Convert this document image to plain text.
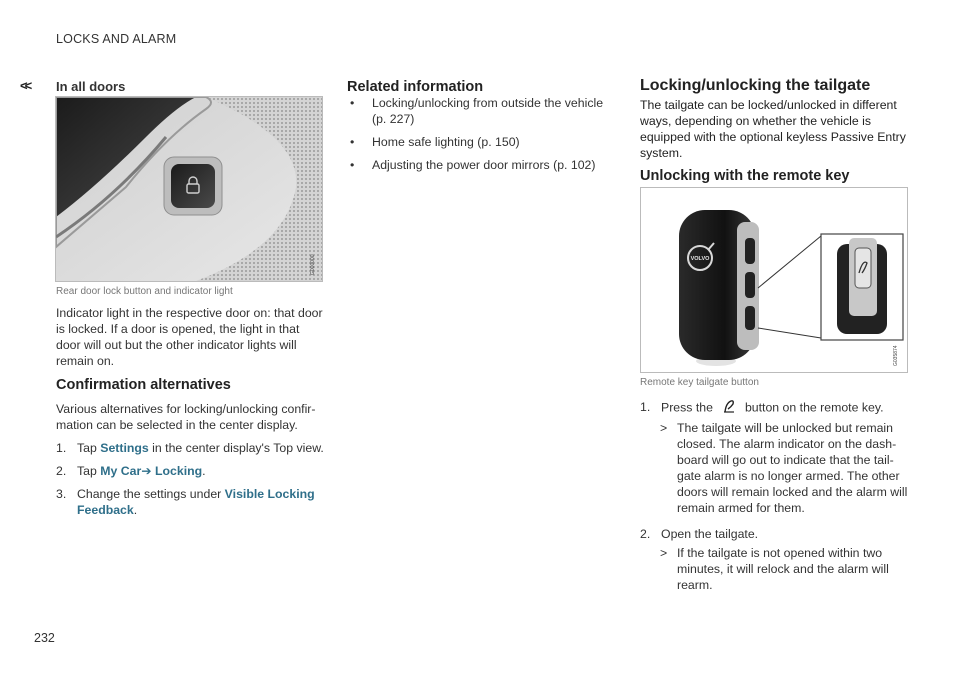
LOCKS AND ALARM
<<
232
In all doors
G000000
Rear door lock button and indicator light
Indicator light in the respective door on: that door is locked. If a door is opened, the light in that door will out but the other indicator lights will remain on.
Confirmation alternatives
Various alternatives for locking/unlocking confir-mation can be selected in the center display.
1. Tap Settings in the center display's Top view.
2. Tap My Car➔ Locking.
3. Change the settings under Visible Locking Feedback.
Related information
• Locking/unlocking from outside the vehicle (p. 227)
• Home safe lighting (p. 150)
• Adjusting the power door mirrors (p. 102)
Locking/unlocking the tailgate
The tailgate can be locked/unlocked in different ways, depending on whether the vehicle is equipped with the optional keyless Passive Entry system.
Unlocking with the remote key
VOLVO
G035874
Remote key tailgate button
1. Press the	button on the remote key.
> The tailgate will be unlocked but remain closed. The alarm indicator on the dash-board will go out to indicate that the tail-gate alarm is no longer armed. The other doors will remain locked and the alarm will remain armed for them.
2. Open the tailgate.
> If the tailgate is not opened within two minutes, it will relock and the alarm will rearm.
